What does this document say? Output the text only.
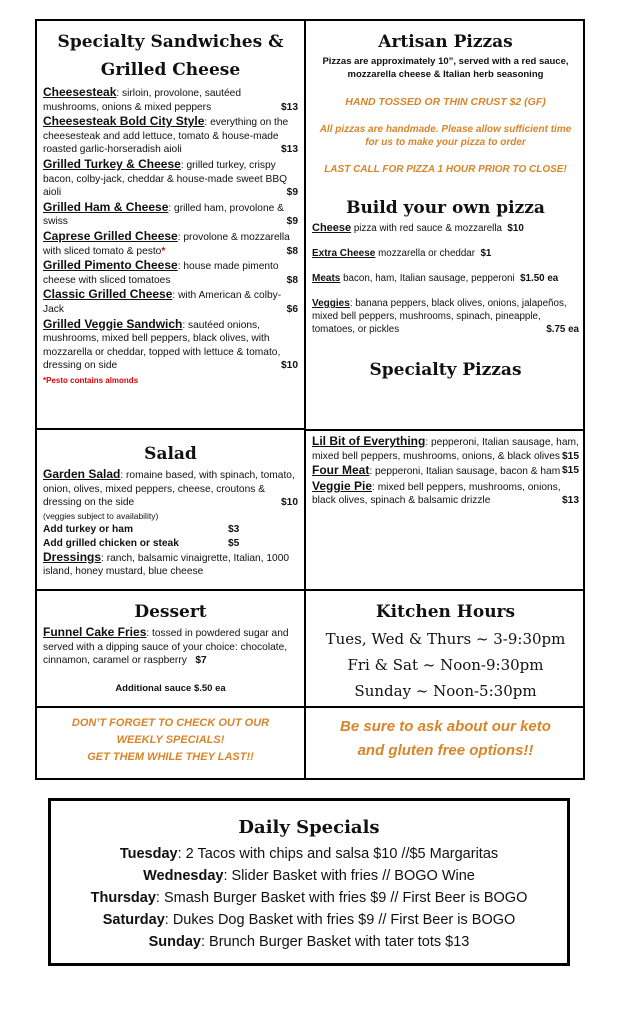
Specialty Sandwiches &
Grilled Cheese
Cheesesteak: sirloin, provolone, sautéed mushrooms, onions & mixed peppers	$13
Cheesesteak Bold City Style: everything on the cheesesteak and add lettuce, tomato & house-made roasted garlic-horseradish aioli	$13
Grilled Turkey & Cheese: grilled turkey, crispy bacon, colby-jack, cheddar & house-made sweet BBQ aioli	$9
Grilled Ham & Cheese: grilled ham, provolone & swiss	$9
Caprese Grilled Cheese: provolone & mozzarella with sliced tomato & pesto*	$8
Grilled Pimento Cheese: house made pimento cheese with sliced tomatoes	$8
Classic Grilled Cheese: with American & colby-Jack	$6
Grilled Veggie Sandwich: sautéed onions, mushrooms, mixed bell peppers, black olives, with mozzarella or cheddar, topped with lettuce & tomato, dressing on side	$10
*Pesto contains almonds
Artisan Pizzas
Pizzas are approximately 10”, served with a red sauce, mozzarella cheese & Italian herb seasoning
HAND TOSSED OR THIN CRUST $2 (GF)
All pizzas are handmade. Please allow sufficient time for us to make your pizza to order
LAST CALL FOR PIZZA 1 HOUR PRIOR TO CLOSE!
Build your own pizza
Cheese pizza with red sauce & mozzarella $10
Extra Cheese mozzarella or cheddar $1
Meats bacon, ham, Italian sausage, pepperoni $1.50 ea
Veggies: banana peppers, black olives, onions, jalapeños, mixed bell peppers, mushrooms, spinach, pineapple, tomatoes, or pickles	$.75 ea
Specialty Pizzas
Lil Bit of Everything: pepperoni, Italian sausage, ham, mixed bell peppers, mushrooms, onions, & black olives $15
Four Meat: pepperoni, Italian sausage, bacon & ham $15
Veggie Pie: mixed bell peppers, mushrooms, onions, black olives, spinach & balsamic drizzle	$13
Salad
Garden Salad: romaine based, with spinach, tomato, onion, olives, mixed peppers, cheese, croutons & dressing on the side	$10
(veggies subject to availability)
Add turkey or ham	$3
Add grilled chicken or steak	$5
Dressings: ranch, balsamic vinaigrette, Italian, 1000 island, honey mustard, blue cheese
Dessert
Funnel Cake Fries: tossed in powdered sugar and served with a dipping sauce of your choice: chocolate, cinnamon, caramel or raspberry $7
Additional sauce $.50 ea
Kitchen Hours
Tues, Wed & Thurs ~ 3-9:30pm
Fri & Sat ~ Noon-9:30pm
Sunday ~ Noon-5:30pm
DON’T FORGET TO CHECK OUT OUR
WEEKLY SPECIALS!
GET THEM WHILE THEY LAST!!
Be sure to ask about our keto
and gluten free options!!
Daily Specials
Tuesday: 2 Tacos with chips and salsa $10 //$5 Margaritas
Wednesday: Slider Basket with fries // BOGO Wine
Thursday: Smash Burger Basket with fries $9 // First Beer is BOGO
Saturday: Dukes Dog Basket with fries $9 // First Beer is BOGO
Sunday: Brunch Burger Basket with tater tots $13
